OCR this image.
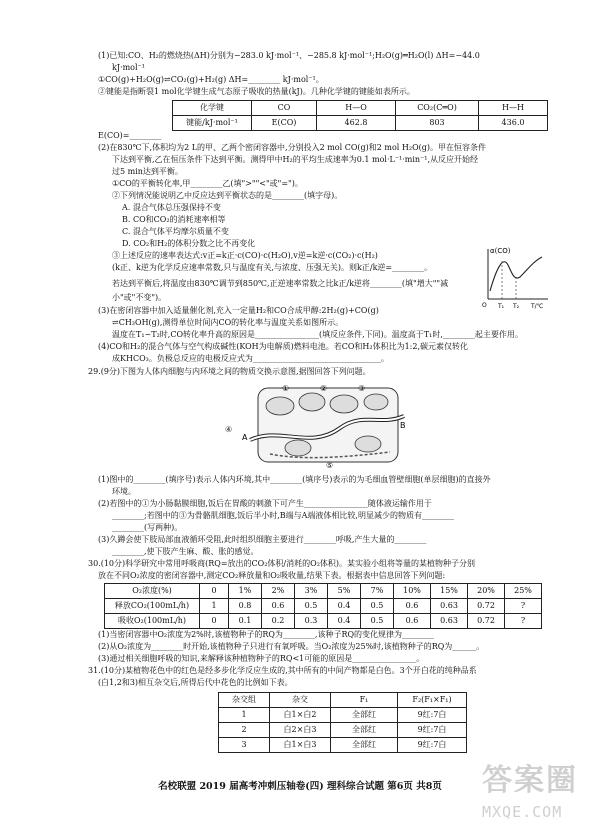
(1)已知:CO、H₂的燃烧热(ΔH)分别为−283.0 kJ·mol⁻¹、−285.8 kJ·mol⁻¹;H₂O(g)═H₂O(l) ΔH=−44.0
kJ·mol⁻¹
①CO(g)+H₂O(g)⇌CO₂(g)+H₂(g) ΔH=________ kJ·mol⁻¹。
②键能是指断裂1 mol化学键生成气态原子吸收的热量(kJ)。几种化学键的键能如表所示。
化学键	CO	H—O	CO₂(C═O)	H—H
键能/kJ·mol⁻¹	E(CO)	462.8	803	436.0
E(CO)=________
(2)在830℃下,体积均为2 L的甲、乙两个密闭容器中,分别投入2 mol CO(g)和2 mol H₂O(g)。甲在恒容条件
下达到平衡,乙在恒压条件下达到平衡。测得甲中H₂的平均生成速率为0.1 mol·L⁻¹·min⁻¹,从反应开始经
过5 min达到平衡。
①CO的平衡转化率,甲________乙(填">""<"或"=")。
②下列情况能说明乙中反应达到平衡状态的是________(填字母)。
A. 混合气体总压强保持不变
B. CO和CO₂的消耗速率相等
C. 混合气体平均摩尔质量不变
D. CO₂和H₂的体积分数之比不再变化
③上述反应的速率表达式:v正=k正·c(CO)·c(H₂O),v逆=k逆·c(CO₂)·c(H₂)
(k正、k逆为化学反应速率常数,只与温度有关,与浓度、压强无关)。则k正/k逆=________。
若达到平衡后,将温度由830℃调节到850℃,正逆速率常数之比k正/k逆将________(填"增大""减
小"或"不变")。
α(CO)
O T₁ T₂ T/℃
(3)在密闭容器中加入适量催化剂,充入一定量H₂和CO合成甲醇:2H₂(g)+CO(g)
⇌CH₃OH(g),测得单位时间内CO的转化率与温度关系如图所示。
温度在T₁~T₂时,CO转化率升高的原因是________________(填反应条件,下同)。温度高于T₁时,________起主要作用。
(4)CO和H₂的混合气体与空气构成碱性(KOH为电解质)燃料电池。若CO和H₂体积比为1:2,碳元素仅转化
成KHCO₃。负极总反应的电极反应式为________________________________。
29.(9分)下图为人体内细胞与内环境之间的物质交换示意图,据图回答下列问题。
①	②	③
⑤
A
B
④
(1)图中的________(填序号)表示人体内环境,其中________(填序号)表示的为毛细血管壁细胞(单层细胞)的直接外
环境。
(2)若图中的①为小肠黏膜细胞,饭后在胃酸的刺激下可产生________________随体液运输作用于
________;若图中的③为骨骼肌细胞,饭后半小时,B端与A端液体相比较,明显减少的物质有________
________(写两种)。
(3)久蹲会使下肢局部血液循环受阻,此时组织细胞主要进行________呼吸,产生大量的________
________,使下肢产生麻、酸、胀的感觉。
30.(10分)科学研究中常用呼吸商(RQ=放出的CO₂体积/消耗的O₂体积)。某实验小组将等量的某植物种子分别
放在不同O₂浓度的密闭容器中,测定CO₂释放量和O₂吸收量,结果下表。根据表中信息回答下列问题:
O₂浓度(%)	0	1%	2%	3%	5%	7%	10%	15%	20%	25%
释放CO₂(100mL/h)	1	0.8	0.6	0.5	0.4	0.5	0.6	0.63	0.72	?
吸收O₂(100mL/h)	0	0.1	0.2	0.3	0.4	0.5	0.6	0.63	0.72	?
(1)当密闭容器中O₂浓度为2%时,该植物种子的RQ为________,该种子RQ的变化规律为________
(2)从O₂浓度为________时开始,该植物种子只进行有氧呼吸。当O₂浓度为25%时,该植物种子的RQ为______。
(3)通过相关细胞呼吸的知识,来解释该种植物种子的RQ<1可能的原因是________________。
31.(10分)某植物花色中的红色是经多步化学反应生成的,其中所有的中间产物都是白色。3个开白花的纯种品系
(白1,2和3)相互杂交后,所得后代中花色的比例如下表。
杂交组	杂交	F₁	F₂(F₁×F₁)
1	白1×白2	全部红	9红:7白
2	白2×白3	全部红	9红:7白
3	白1×白3	全部红	9红:7白
名校联盟 2019 届高考冲刺压轴卷(四) 理科综合试题 第6页 共8页	答案圈
MXQE.COM
